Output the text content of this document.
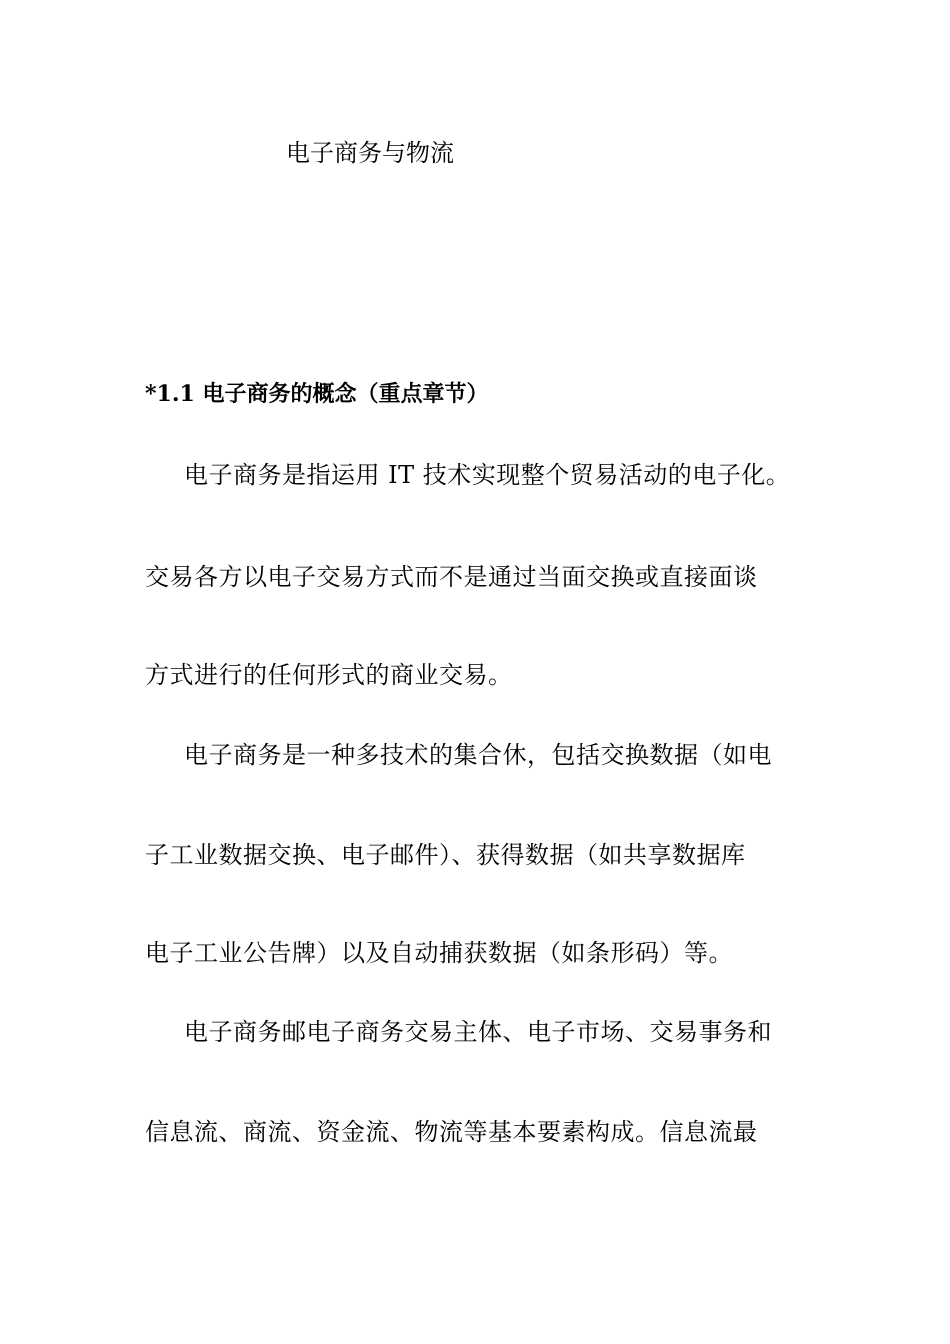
电子商务与物流
*1.1 电子商务的概念（重点章节）
电子商务是指运用 IT 技术实现整个贸易活动的电子化。
交易各方以电子交易方式而不是通过当面交换或直接面谈
方式进行的任何形式的商业交易。
电子商务是一种多技术的集合休，包括交换数据（如电
子工业数据交换、电子邮件）、获得数据（如共享数据库
电子工业公告牌）以及自动捕获数据（如条形码）等。
电子商务邮电子商务交易主体、电子市场、交易事务和
信息流、商流、资金流、物流等基本要素构成。信息流最
